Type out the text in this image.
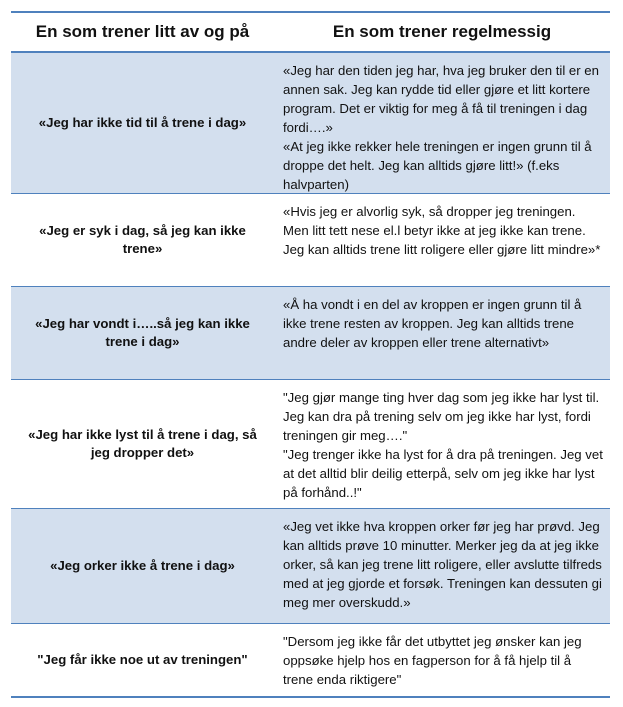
En som trener litt av og på	En som trener regelmessig
«Jeg har ikke tid til å trene i dag»

«Jeg har den tiden jeg har, hva jeg bruker den til er en annen sak. Jeg kan rydde tid eller gjøre et litt kortere program. Det er viktig for meg å få til treningen i dag fordi….»

«At jeg ikke rekker hele treningen er ingen grunn til å droppe det helt. Jeg kan alltids gjøre litt!» (f.eks halvparten)

«Jeg er syk i dag, så jeg kan ikke trene»

«Hvis jeg er alvorlig syk, så dropper jeg treningen. Men litt tett nese el.l betyr ikke at jeg ikke kan trene. Jeg kan alltids trene litt roligere eller gjøre litt mindre»*

«Jeg har vondt i…..så jeg kan ikke trene i dag»

«Å ha vondt i en del av kroppen er ingen grunn til å ikke trene resten av kroppen. Jeg kan alltids trene andre deler av kroppen eller trene alternativt»

«Jeg har ikke lyst til å trene i dag, så jeg dropper det»

"Jeg gjør mange ting hver dag som jeg ikke har lyst til. Jeg kan dra på trening selv om jeg ikke har lyst, fordi treningen gir meg…."

"Jeg trenger ikke ha lyst for å dra på treningen. Jeg vet at det alltid blir deilig etterpå, selv om jeg ikke har lyst på forhånd..!"

«Jeg orker ikke å trene i dag»

«Jeg vet ikke hva kroppen orker før jeg har prøvd. Jeg kan alltids prøve 10 minutter. Merker jeg da at jeg ikke orker, så kan jeg trene litt roligere, eller avslutte tilfreds med at jeg gjorde et forsøk. Treningen kan dessuten gi meg mer overskudd.»

"Jeg får ikke noe ut av treningen"

"Dersom jeg ikke får det utbyttet jeg ønsker kan jeg oppsøke hjelp hos en fagperson for å få hjelp til å trene enda riktigere"
